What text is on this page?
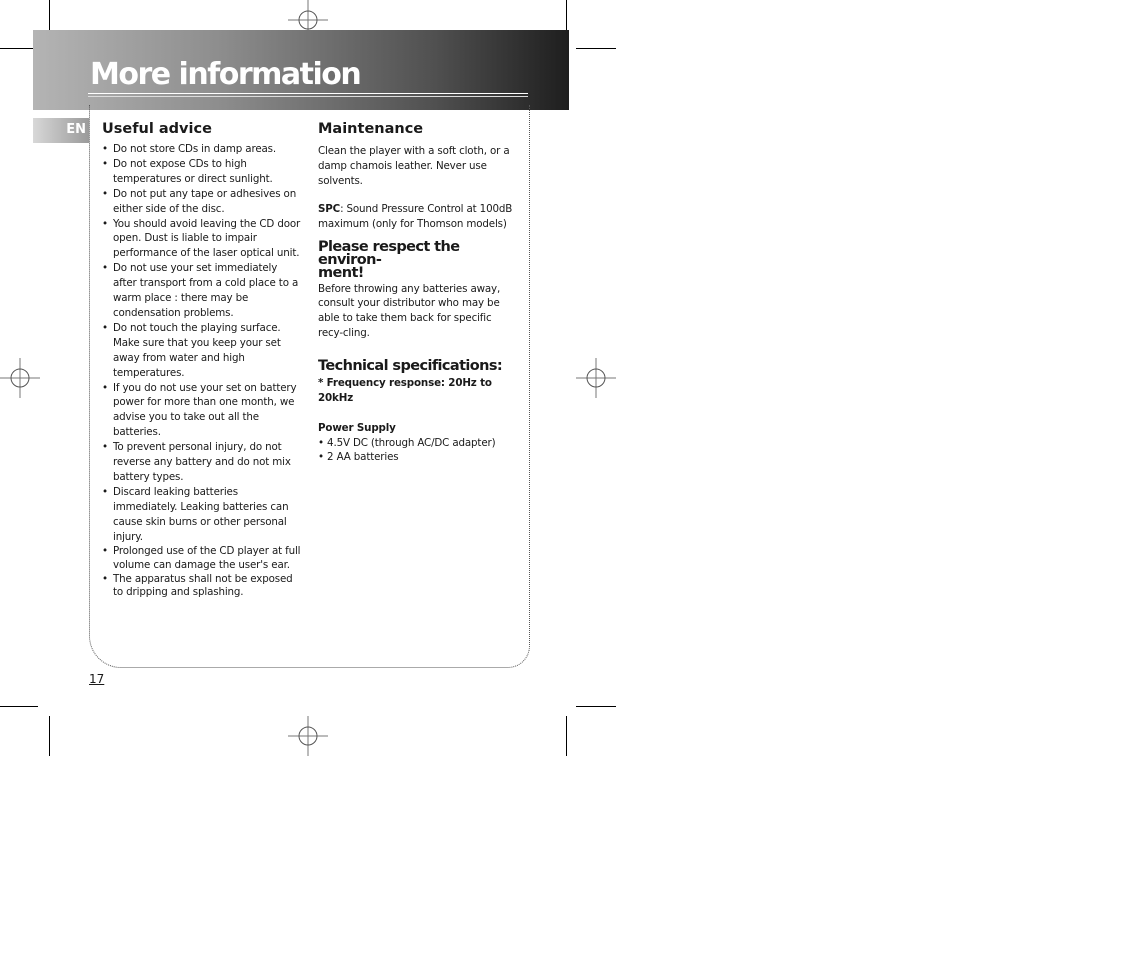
More information
EN Useful advice
• Do not store CDs in damp areas.
• Do not expose CDs to high temperatures or direct sunlight.
• Do not put any tape or adhesives on either side of the disc.
• You should avoid leaving the CD door open. Dust is liable to impair performance of the laser optical unit.
• Do not use your set immediately after transport from a cold place to a warm place : there may be condensation problems.
• Do not touch the playing surface. Make sure that you keep your set away from water and high temperatures.
• If you do not use your set on battery power for more than one month, we advise you to take out all the batteries.
• To prevent personal injury, do not reverse any battery and do not mix battery types.
• Discard leaking batteries immediately. Leaking batteries can cause skin burns or other personal injury.
• Prolonged use of the CD player at full volume can damage the user's ear.
• The apparatus shall not be exposed to dripping and splashing.
Maintenance

Clean the player with a soft cloth, or a damp chamois leather. Never use solvents.

SPC: Sound Pressure Control at 100dB maximum (only for Thomson models)

Please respect the environ-
ment!

Before throwing any batteries away, consult your distributor who may be able to take them back for specific recy-cling.

Technical specifications:

* Frequency response: 20Hz to 20kHz

Power Supply

• 4.5V DC (through AC/DC adapter)

• 2 AA batteries

17
